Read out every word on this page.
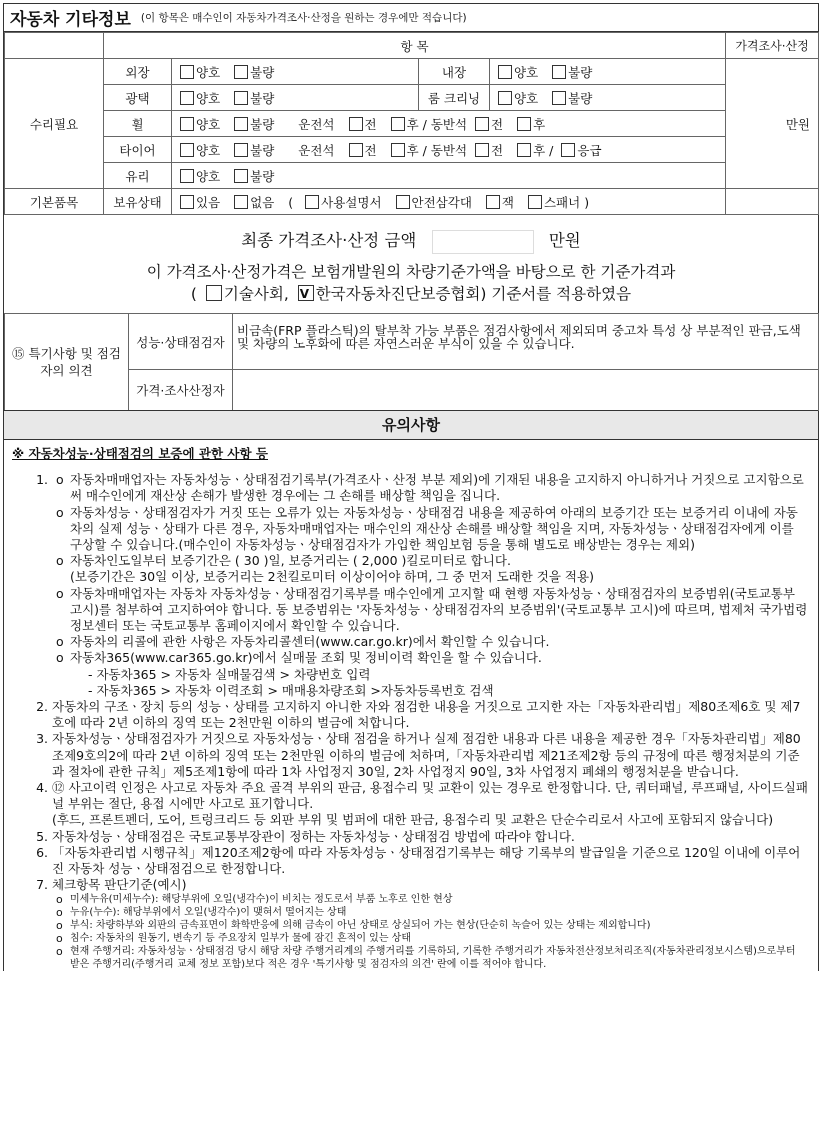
자동차 기타정보 (이 항목은 매수인이 자동차가격조사·산정을 원하는 경우에만 적습니다)
	항 목				가격조사·산정
수리필요	외장	양호 불량	내장	양호 불량	만원
	광택	양호 불량	룸 크리닝	양호 불량	
	휠	양호 불량 운전석 전 후 / 동반석 전 후			
	타이어	양호 불량 운전석 전 후 / 동반석 전 후 / 응급			
	유리	양호 불량			
기본품목	보유상태	있음 없음 ( 사용설명서 안전삼각대 잭 스패너 )			
최종 가격조사·산정 금액	만원
이 가격조사·산정가격은 보험개발원의 차량기준가액을 바탕으로 한 기준가격과
( 기술사회, V 한국자동차진단보증협회) 기준서를 적용하였음
⑮ 특기사항 및 점검자의 의견	성능·상태점검자	비금속(FRP 플라스틱)의 탈부착 가능 부품은 점검사항에서 제외되며 중고차 특성 상 부분적인 판금,도색 및 차량의 노후화에 따른 자연스러운 부식이 있을 수 있습니다.
	가격·조사산정자	
유의사항
※ 자동차성능·상태점검의 보증에 관한 사항 등
ο 1. 자동차매매업자는 자동차성능ㆍ상태점검기록부(가격조사ㆍ산정 부분 제외)에 기재된 내용을 고지하지 아니하거나 거짓으로 고지함으로써 매수인에게 재산상 손해가 발생한 경우에는 그 손해를 배상할 책임을 집니다.
ο 자동차성능ㆍ상태점검자가 거짓 또는 오류가 있는 자동차성능ㆍ상태점검 내용을 제공하여 아래의 보증기간 또는 보증거리 이내에 자동차의 실제 성능ㆍ상태가 다른 경우, 자동차매매업자는 매수인의 재산상 손해를 배상할 책임을 지며, 자동차성능ㆍ상태점검자에게 이를 구상할 수 있습니다.(매수인이 자동차성능ㆍ상태점검자가 가입한 책임보험 등을 통해 별도로 배상받는 경우는 제외)
ο 자동차인도일부터 보증기간은 ( 30 )일, 보증거리는 ( 2,000 )킬로미터로 합니다.
(보증기간은 30일 이상, 보증거리는 2천킬로미터 이상이어야 하며, 그 중 먼저 도래한 것을 적용)
ο 자동차매매업자는 자동차 자동차성능ㆍ상태점검기록부를 매수인에게 고지할 때 현행 자동차성능ㆍ상태점검자의 보증범위(국토교통부 고시)를 첨부하여 고지하여야 합니다. 동 보증범위는 '자동차성능ㆍ상태점검자의 보증범위'(국토교통부 고시)에 따르며, 법제처 국가법령정보센터 또는 국토교통부 홈페이지에서 확인할 수 있습니다.
ο 자동차의 리콜에 관한 사항은 자동차리콜센터(www.car.go.kr)에서 확인할 수 있습니다.
ο 자동차365(www.car365.go.kr)에서 실매물 조회 및 정비이력 확인을 할 수 있습니다.
- 자동차365 > 자동차 실매물검색 > 차량번호 입력
- 자동차365 > 자동차 이력조회 > 매매용차량조회 >자동차등록번호 검색
2. 자동차의 구조ㆍ장치 등의 성능ㆍ상태를 고지하지 아니한 자와 점검한 내용을 거짓으로 고지한 자는「자동차관리법」제80조제6호 및 제7호에 따라 2년 이하의 징역 또는 2천만원 이하의 벌금에 처합니다.
3. 자동차성능ㆍ상태점검자가 거짓으로 자동차성능ㆍ상태 점검을 하거나 실제 점검한 내용과 다른 내용을 제공한 경우「자동차관리법」제80조제9호의2에 따라 2년 이하의 징역 또는 2천만원 이하의 벌금에 처하며,「자동차관리법 제21조제2항 등의 규정에 따른 행정처분의 기준과 절차에 관한 규칙」제5조제1항에 따라 1차 사업정지 30일, 2차 사업정지 90일, 3차 사업정지 폐쇄의 행정처분을 받습니다.
4. ⑫ 사고이력 인정은 사고로 자동차 주요 골격 부위의 판금, 용접수리 및 교환이 있는 경우로 한정합니다. 단, 쿼터패널, 루프패널, 사이드실패널 부위는 절단, 용접 시에만 사고로 표기합니다.
(후드, 프론트펜더, 도어, 트렁크리드 등 외판 부위 및 범퍼에 대한 판금, 용접수리 및 교환은 단순수리로서 사고에 포함되지 않습니다)
5. 자동차성능ㆍ상태점검은 국토교통부장관이 정하는 자동차성능ㆍ상태점검 방법에 따라야 합니다.
6. 「자동차관리법 시행규칙」제120조제2항에 따라 자동차성능ㆍ상태점검기록부는 해당 기록부의 발급일을 기준으로 120일 이내에 이루어진 자동차 성능ㆍ상태점검으로 한정합니다.
7. 체크항목 판단기준(예시)
ο 미세누유(미세누수): 해당부위에 오일(냉각수)이 비치는 정도로서 부품 노후로 인한 현상
ο 누유(누수): 해당부위에서 오일(냉각수)이 맺혀서 떨어지는 상태
ο 부식: 차량하부와 외판의 금속표면이 화학반응에 의해 금속이 아닌 상태로 상실되어 가는 현상(단순히 녹슬어 있는 상태는 제외합니다)
ο 침수: 자동차의 원동기, 변속기 등 주요장치 일부가 물에 잠긴 흔적이 있는 상태
ο 현재 주행거리: 자동차성능ㆍ상태점검 당시 해당 차량 주행거리계의 주행거리를 기록하되, 기록한 주행거리가 자동차전산정보처리조직(자동차관리정보시스템)으로부터 받은 주행거리(주행거리 교체 정보 포함)보다 적은 경우 '특기사항 및 점검자의 의견' 란에 이를 적어야 합니다.
